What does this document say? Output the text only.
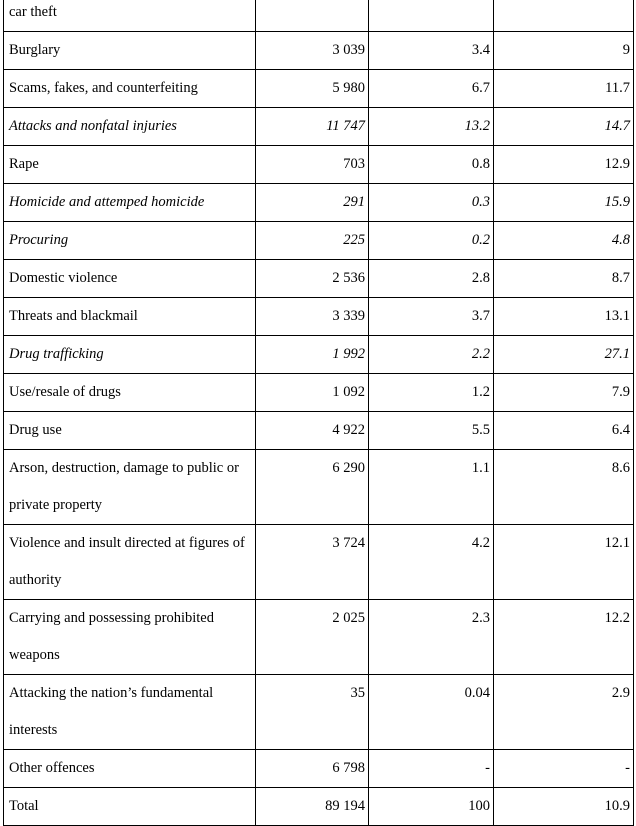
car theft			
Burglary	3 039	3.4	9
Scams, fakes, and counterfeiting	5 980	6.7	11.7
Attacks and nonfatal injuries	11 747	13.2	14.7
Rape	703	0.8	12.9
Homicide and attemped homicide	291	0.3	15.9
Procuring	225	0.2	4.8
Domestic violence	2 536	2.8	8.7
Threats and blackmail	3 339	3.7	13.1
Drug trafficking	1 992	2.2	27.1
Use/resale of drugs	1 092	1.2	7.9
Drug use	4 922	5.5	6.4
Arson, destruction, damage to public or private property	6 290	1.1	8.6
Violence and insult directed at figures of authority	3 724	4.2	12.1
Carrying and possessing prohibited weapons	2 025	2.3	12.2
Attacking the nation’s fundamental interests	35	0.04	2.9
Other offences	6 798	-	-
Total	89 194	100	10.9
